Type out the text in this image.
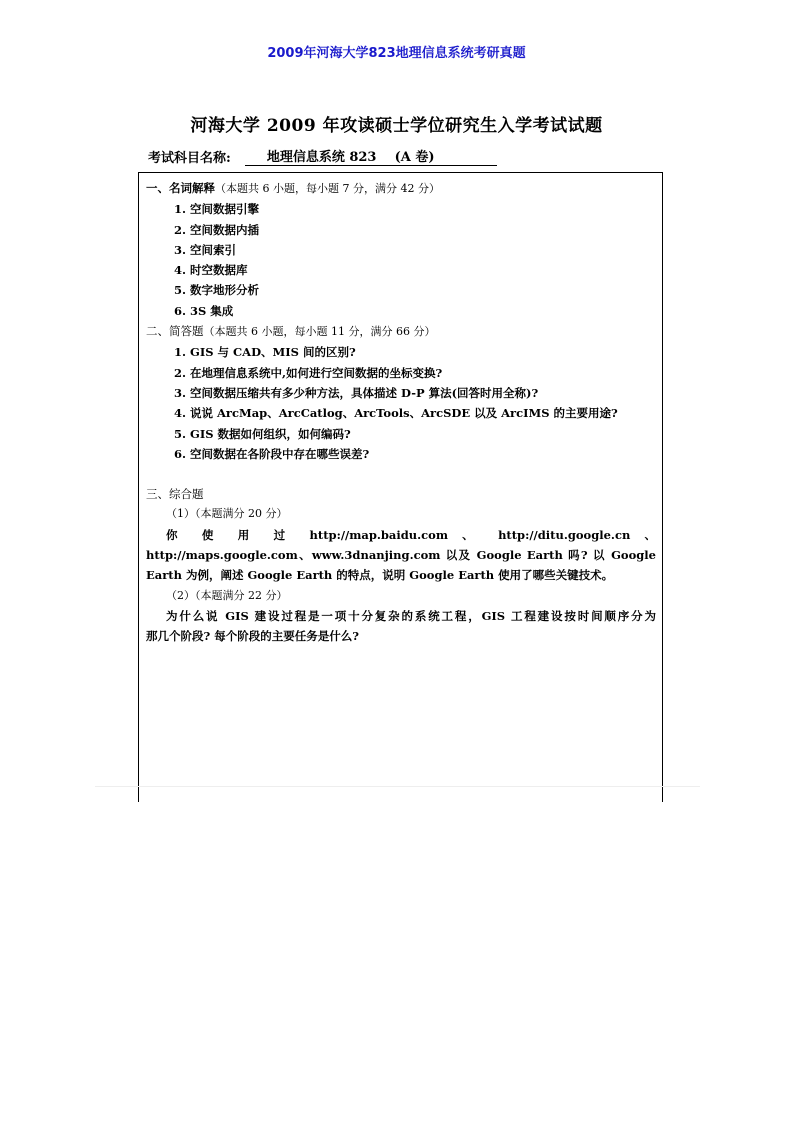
2009年河海大学823地理信息系统考研真题
河海大学 2009 年攻读硕士学位研究生入学考试试题
考试科目名称:	地理信息系统 823    (A 卷)
一、名词解释（本题共 6 小题，每小题 7 分，满分 42 分）
1. 空间数据引擎
2. 空间数据内插
3. 空间索引
4. 时空数据库
5. 数字地形分析
6. 3S 集成
二、简答题（本题共 6 小题，每小题 11 分，满分 66 分）
1. GIS 与 CAD、MIS 间的区别?
2. 在地理信息系统中,如何进行空间数据的坐标变换?
3. 空间数据压缩共有多少种方法，具体描述 D-P 算法(回答时用全称)?
4. 说说 ArcMap、ArcCatlog、ArcTools、ArcSDE 以及 ArcIMS 的主要用途?
5. GIS 数据如何组织，如何编码?
6. 空间数据在各阶段中存在哪些误差?
三、综合题
（1）（本题满分 20 分）
你 使 用 过 http://map.baidu.com 、 http://ditu.google.cn 、
http://maps.google.com、www.3dnanjing.com 以及 Google Earth 吗? 以 Google
Earth 为例，阐述 Google Earth 的特点，说明 Google Earth 使用了哪些关键技术。
（2）（本题满分 22 分）
为什么说 GIS 建设过程是一项十分复杂的系统工程，GIS 工程建设按时间顺序分为
那几个阶段? 每个阶段的主要任务是什么?
